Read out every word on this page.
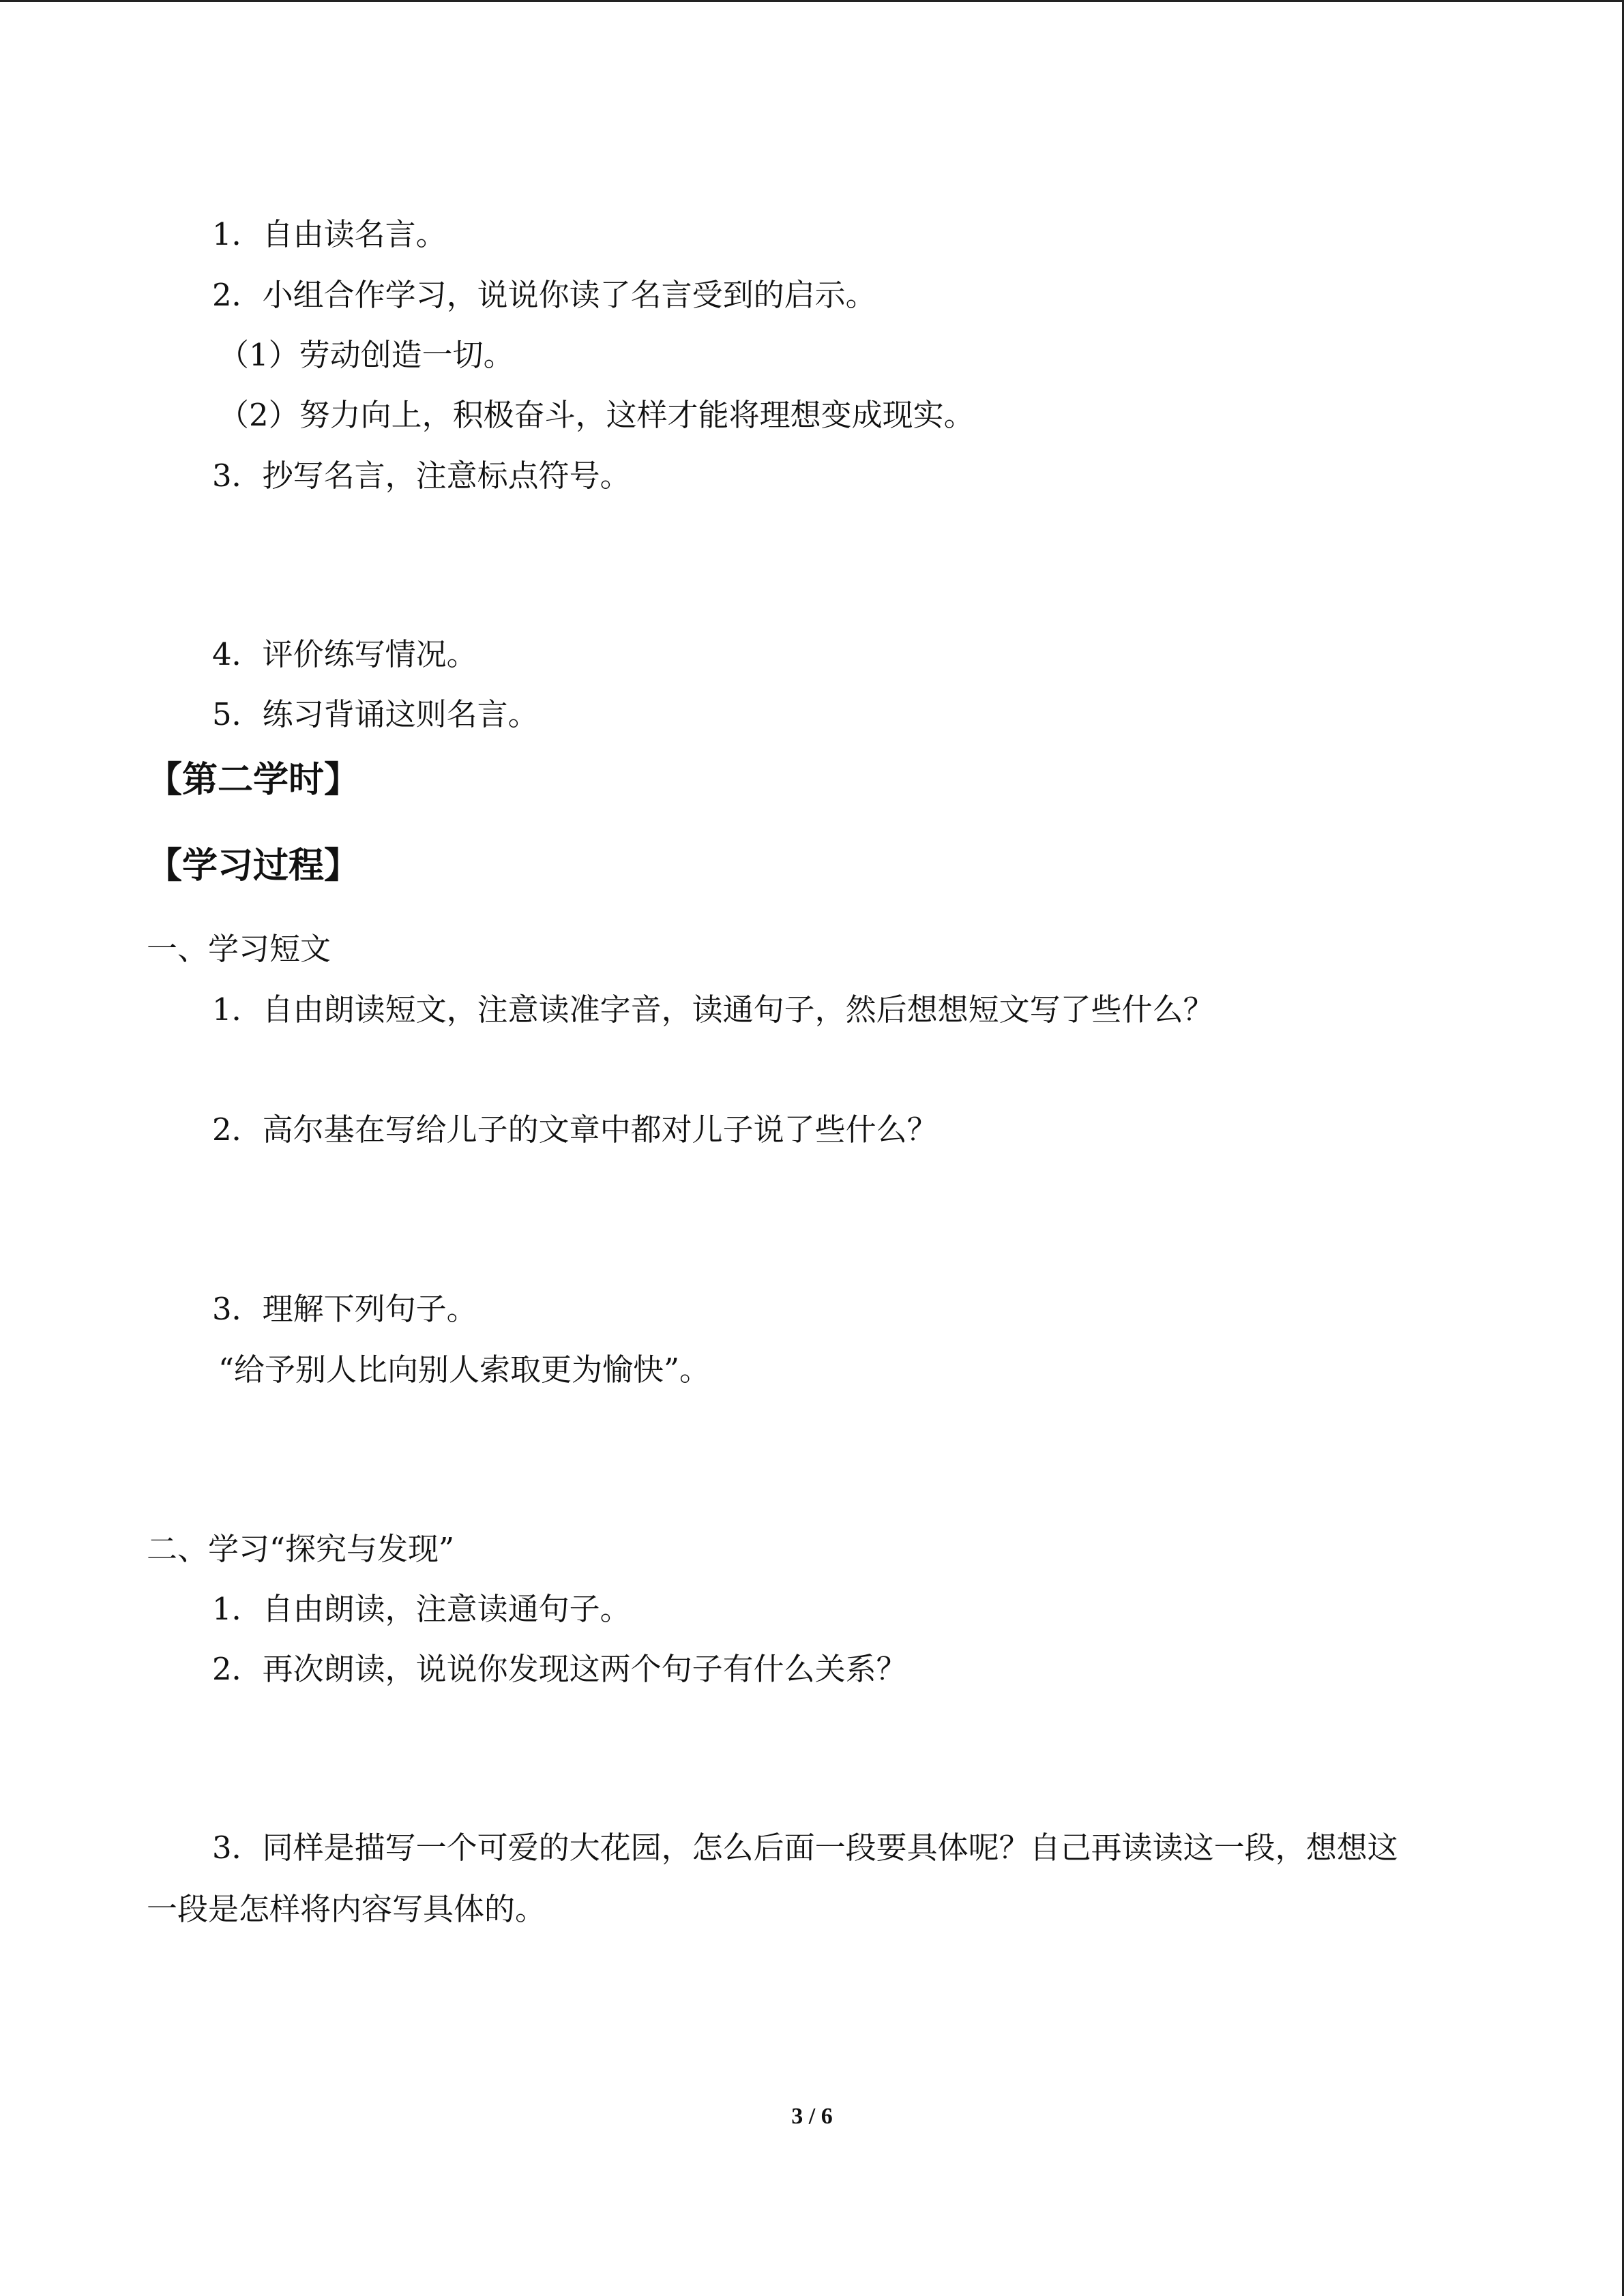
1．自由读名言。
2．小组合作学习，说说你读了名言受到的启示。
（1）劳动创造一切。
（2）努力向上，积极奋斗，这样才能将理想变成现实。
3．抄写名言，注意标点符号。
4．评价练写情况。
5．练习背诵这则名言。
【第二学时】
【学习过程】
一、学习短文
1．自由朗读短文，注意读准字音，读通句子，然后想想短文写了些什么？
2．高尔基在写给儿子的文章中都对儿子说了些什么？
3．理解下列句子。
“给予别人比向别人索取更为愉快”。
二、学习“探究与发现”
1．自由朗读，注意读通句子。
2．再次朗读，说说你发现这两个句子有什么关系？
3．同样是描写一个可爱的大花园，怎么后面一段要具体呢？自己再读读这一段，想想这
一段是怎样将内容写具体的。
3 / 6
